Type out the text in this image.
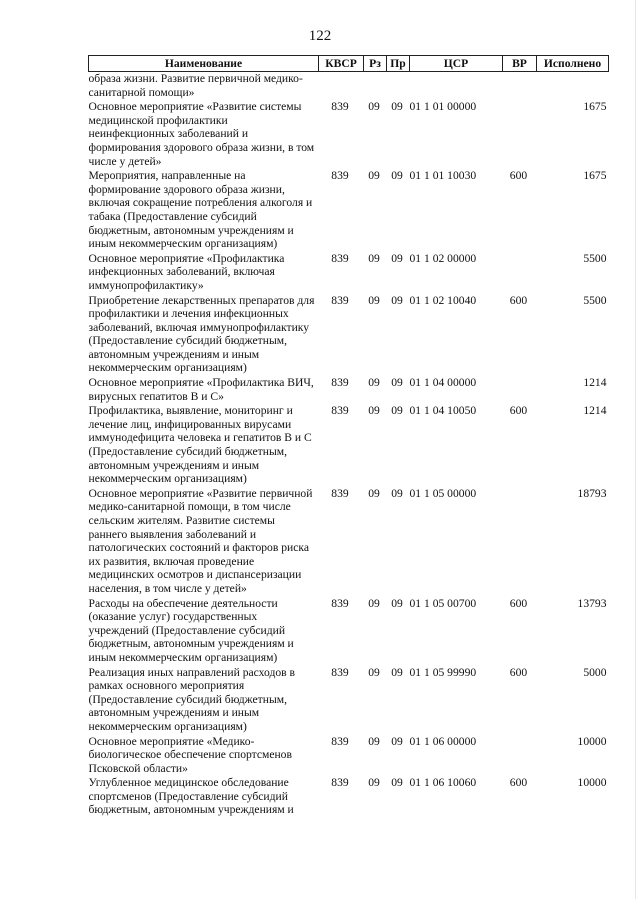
122
Наименование	КВСР	Рз	Пр	ЦСР	ВР	Исполнено
образа жизни. Развитие первичной медико-санитарной помощи»						
Основное мероприятие «Развитие системы медицинской профилактики неинфекционных заболеваний и формирования здорового образа жизни, в том числе у детей»	839	09	09	01 1 01 00000		1675
Мероприятия, направленные на формирование здорового образа жизни, включая сокращение потребления алкоголя и табака (Предоставление субсидий бюджетным, автономным учреждениям и иным некоммерческим организациям)	839	09	09	01 1 01 10030	600	1675
Основное мероприятие «Профилактика инфекционных заболеваний, включая иммунопрофилактику»	839	09	09	01 1 02 00000		5500
Приобретение лекарственных препаратов для профилактики и лечения инфекционных заболеваний, включая иммунопрофилактику (Предоставление субсидий бюджетным, автономным учреждениям и иным некоммерческим организациям)	839	09	09	01 1 02 10040	600	5500
Основное мероприятие «Профилактика ВИЧ, вирусных гепатитов В и С»	839	09	09	01 1 04 00000		1214
Профилактика, выявление, мониторинг и лечение лиц, инфицированных вирусами иммунодефицита человека и гепатитов В и С (Предоставление субсидий бюджетным, автономным учреждениям и иным некоммерческим организациям)	839	09	09	01 1 04 10050	600	1214
Основное мероприятие «Развитие первичной медико-санитарной помощи, в том числе сельским жителям. Развитие системы раннего выявления заболеваний и патологических состояний и факторов риска их развития, включая проведение медицинских осмотров и диспансеризации населения, в том числе у детей»	839	09	09	01 1 05 00000		18793
Расходы на обеспечение деятельности (оказание услуг) государственных учреждений (Предоставление субсидий бюджетным, автономным учреждениям и иным некоммерческим организациям)	839	09	09	01 1 05 00700	600	13793
Реализация иных направлений расходов в рамках основного мероприятия (Предоставление субсидий бюджетным, автономным учреждениям и иным некоммерческим организациям)	839	09	09	01 1 05 99990	600	5000
Основное мероприятие «Медико-биологическое обеспечение спортсменов Псковской области»	839	09	09	01 1 06 00000		10000
Углубленное медицинское обследование спортсменов (Предоставление субсидий бюджетным, автономным учреждениям и	839	09	09	01 1 06 10060	600	10000
